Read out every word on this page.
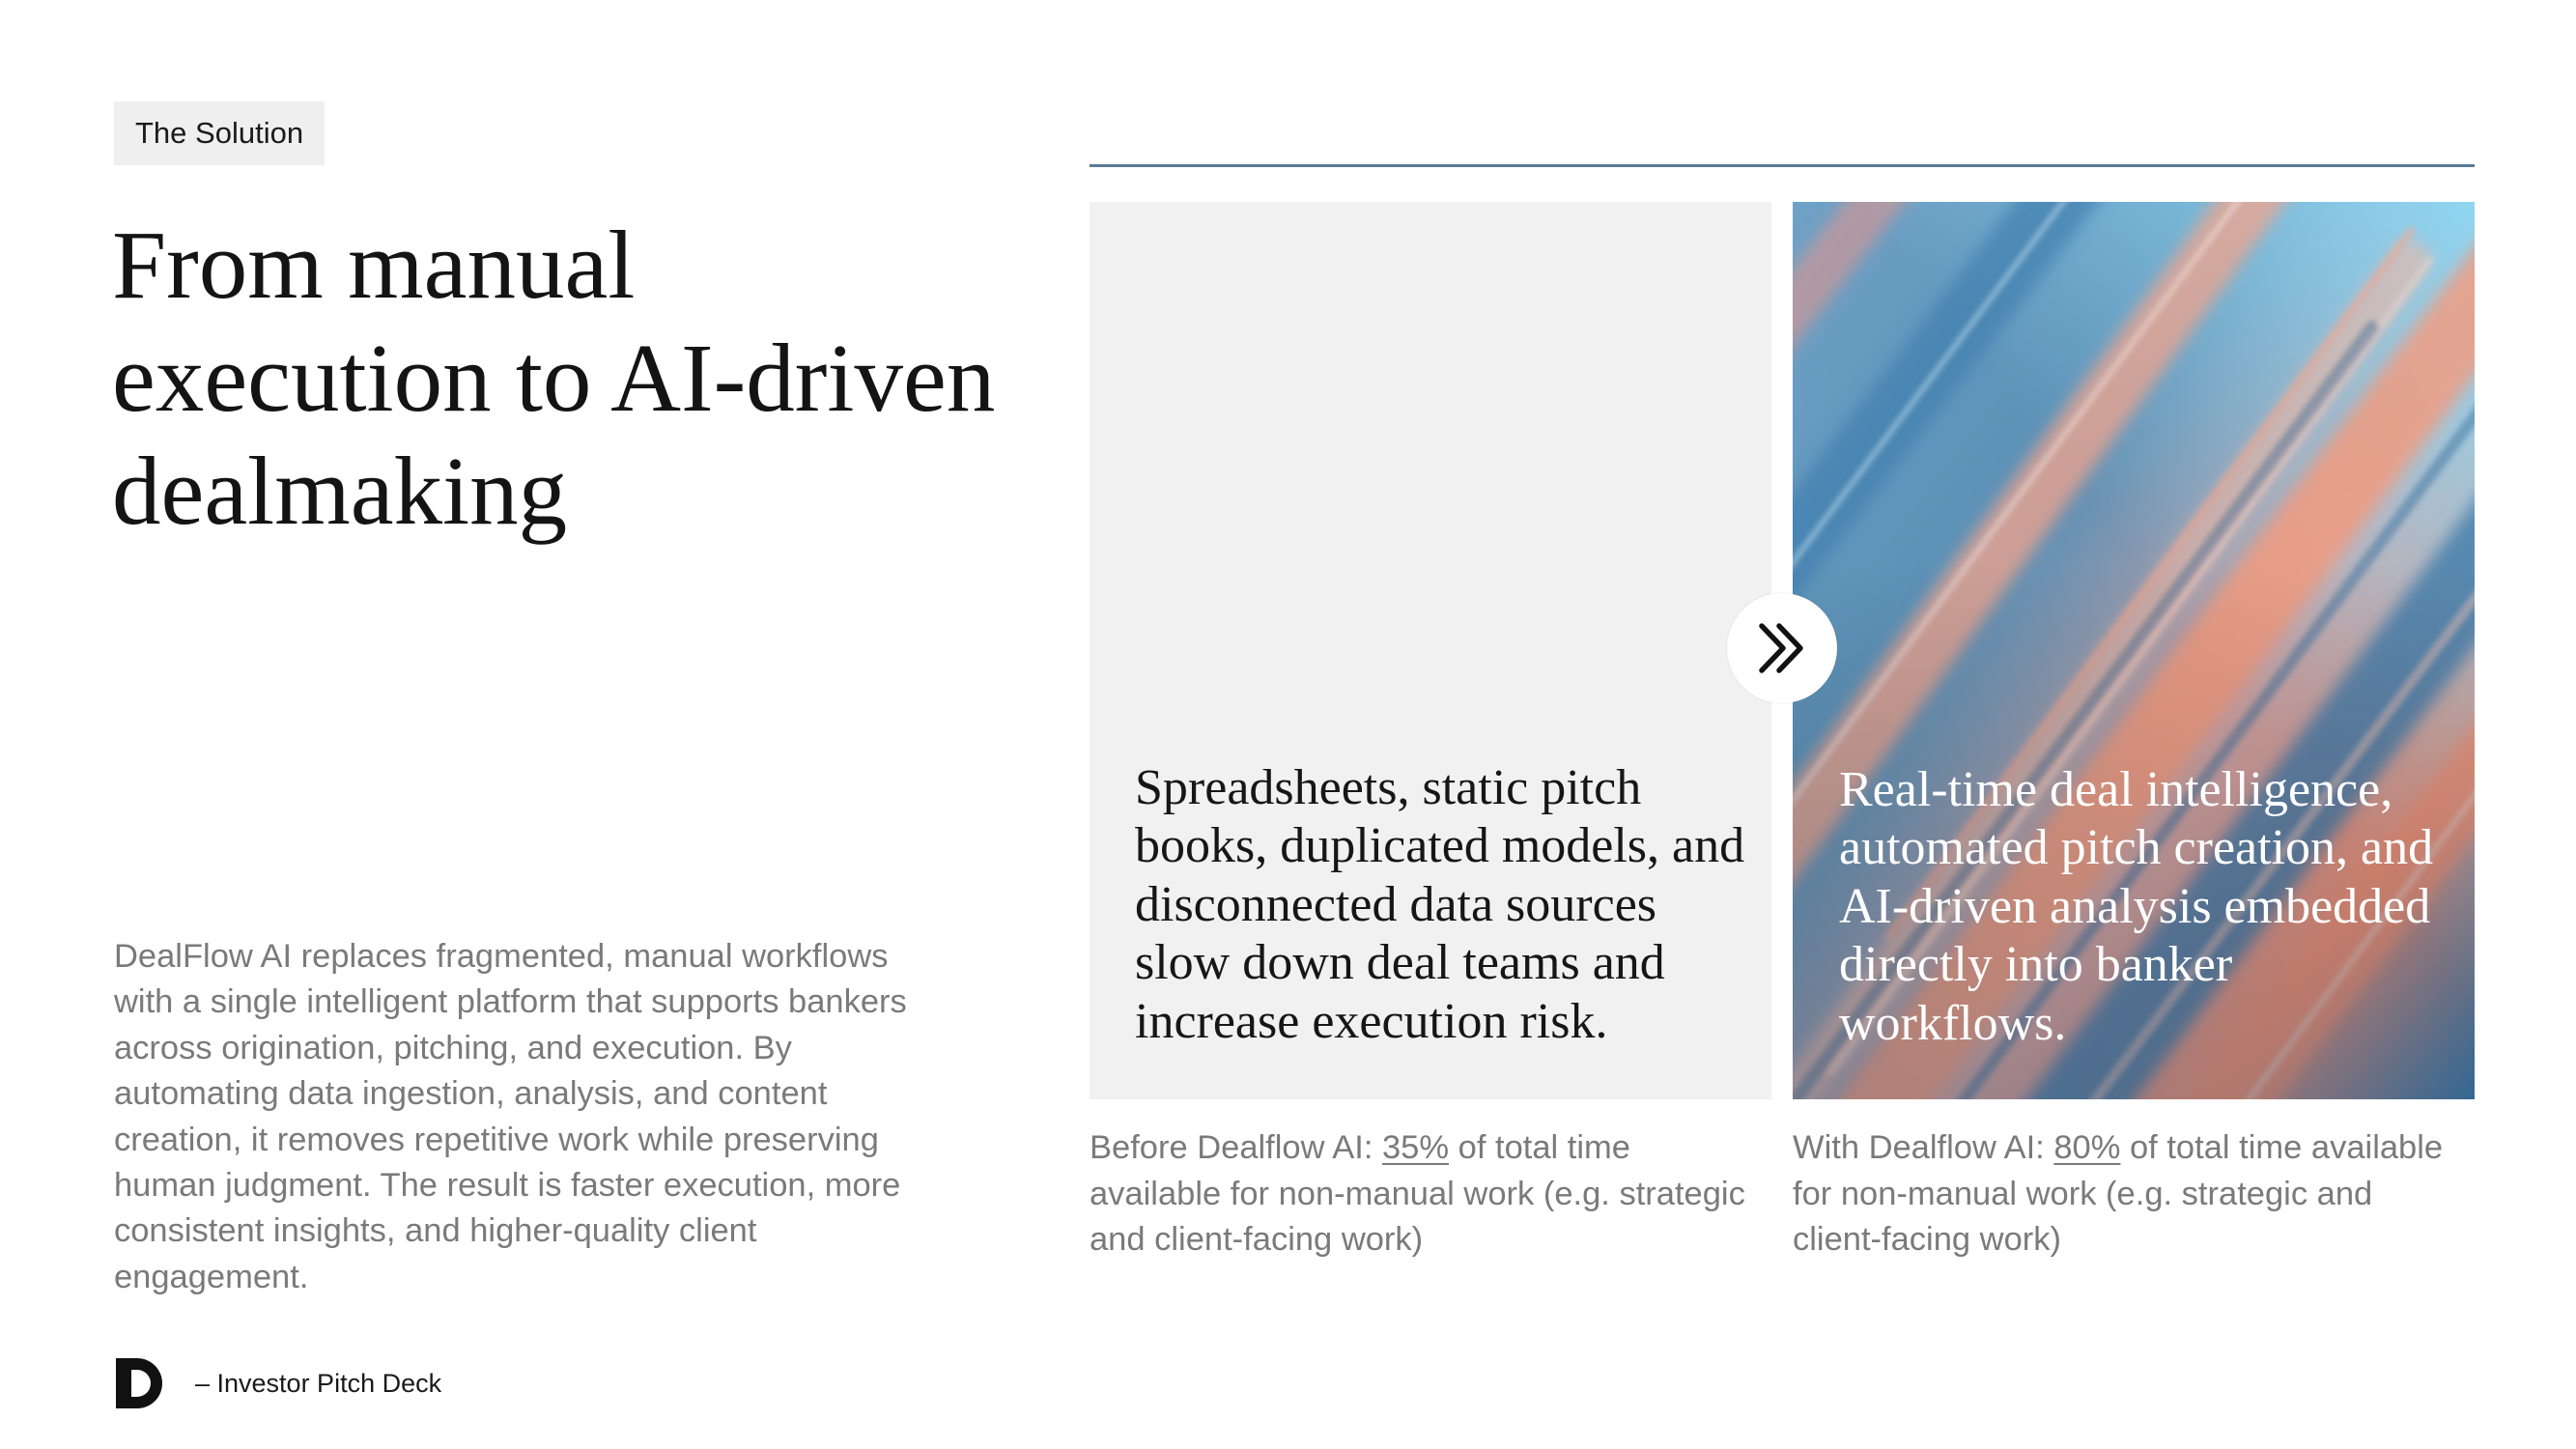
The Solution
From manual execution to AI-driven dealmaking

DealFlow AI replaces fragmented, manual workflows with a single intelligent platform that supports bankers across origination, pitching, and execution. By automating data ingestion, analysis, and content creation, it removes repetitive work while preserving human judgment. The result is faster execution, more consistent insights, and higher-quality client engagement.

Spreadsheets, static pitch books, duplicated models, and disconnected data sources slow down deal teams and increase execution risk.

Real-time deal intelligence, automated pitch creation, and AI-driven analysis embedded directly into banker workflows.

Before Dealflow AI: 35% of total time available for non-manual work (e.g. strategic and client-facing work)

With Dealflow AI: 80% of total time available for non-manual work (e.g. strategic and client-facing work)

– Investor Pitch Deck
